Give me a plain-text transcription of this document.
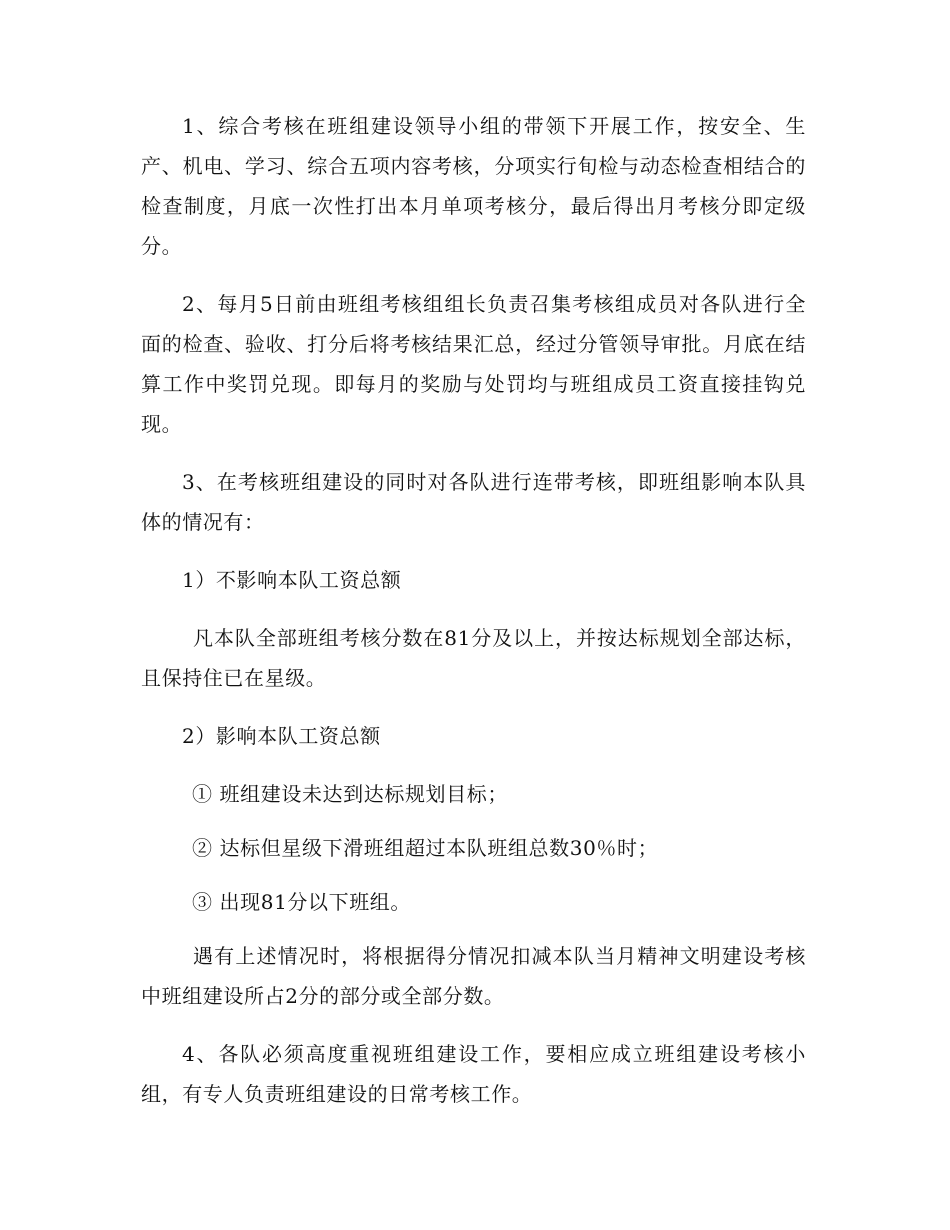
1、综合考核在班组建设领导小组的带领下开展工作，按安全、生产、机电、学习、综合五项内容考核，分项实行旬检与动态检查相结合的检查制度，月底一次性打出本月单项考核分，最后得出月考核分即定级分。

2、每月5日前由班组考核组组长负责召集考核组成员对各队进行全面的检查、验收、打分后将考核结果汇总，经过分管领导审批。月底在结算工作中奖罚兑现。即每月的奖励与处罚均与班组成员工资直接挂钩兑现。

3、在考核班组建设的同时对各队进行连带考核，即班组影响本队具体的情况有：

1）不影响本队工资总额

凡本队全部班组考核分数在81分及以上，并按达标规划全部达标，且保持住已在星级。

2）影响本队工资总额

① 班组建设未达到达标规划目标；

② 达标但星级下滑班组超过本队班组总数30％时；

③ 出现81分以下班组。

遇有上述情况时，将根据得分情况扣减本队当月精神文明建设考核中班组建设所占2分的部分或全部分数。

4、各队必须高度重视班组建设工作，要相应成立班组建设考核小组，有专人负责班组建设的日常考核工作。
